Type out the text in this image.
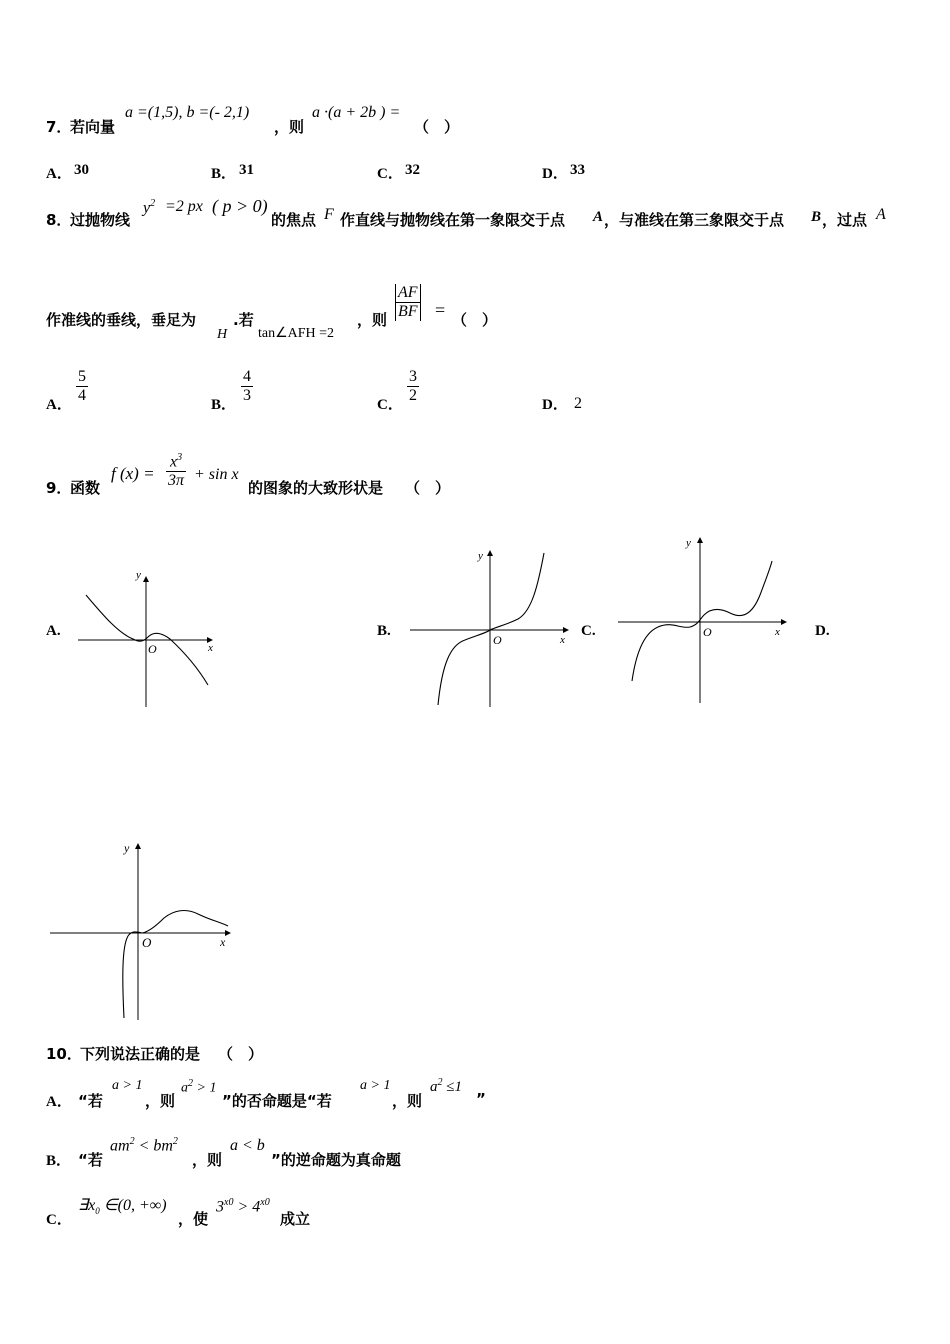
7．
若向量
a =(1,5), b =(- 2,1)
，则
a ·(a + 2b ) =
（　）
A． 30	B． 31	C． 32	D． 33
8．
过抛物线
$y^2 =2$ px ( p > 0)
的焦点 F 作直线与抛物线在第一象限交于点 A ，与准线在第三象限交于点 B ，过点 A
作准线的垂线，垂足为
H
.若
tan∠AFH =2
，则
AF
BF = （　）
A．
5
4
B．
4
3
C．
3
2
D． 2
9．
函数
f (x) =
$x^3$
3π + sin x
的图象的大致形状是 （　）
A.	B.	C.	D.
y
x
O
y
x
O
y
x
O
y
x
O
10．
下列说法正确的是 （　）
A． “若
a > 1
，则
$a^2 > 1$
”的否命题是“若
a > 1
，则
$a^2 \le 1$
”
B． “若
$am^2 < bm^2$
，则
a < b
”的逆命题为真命题
C．
$\exists x_0$ ∈(0, +∞)
，使
$3^{x0} > 4^{x0}$
成立
